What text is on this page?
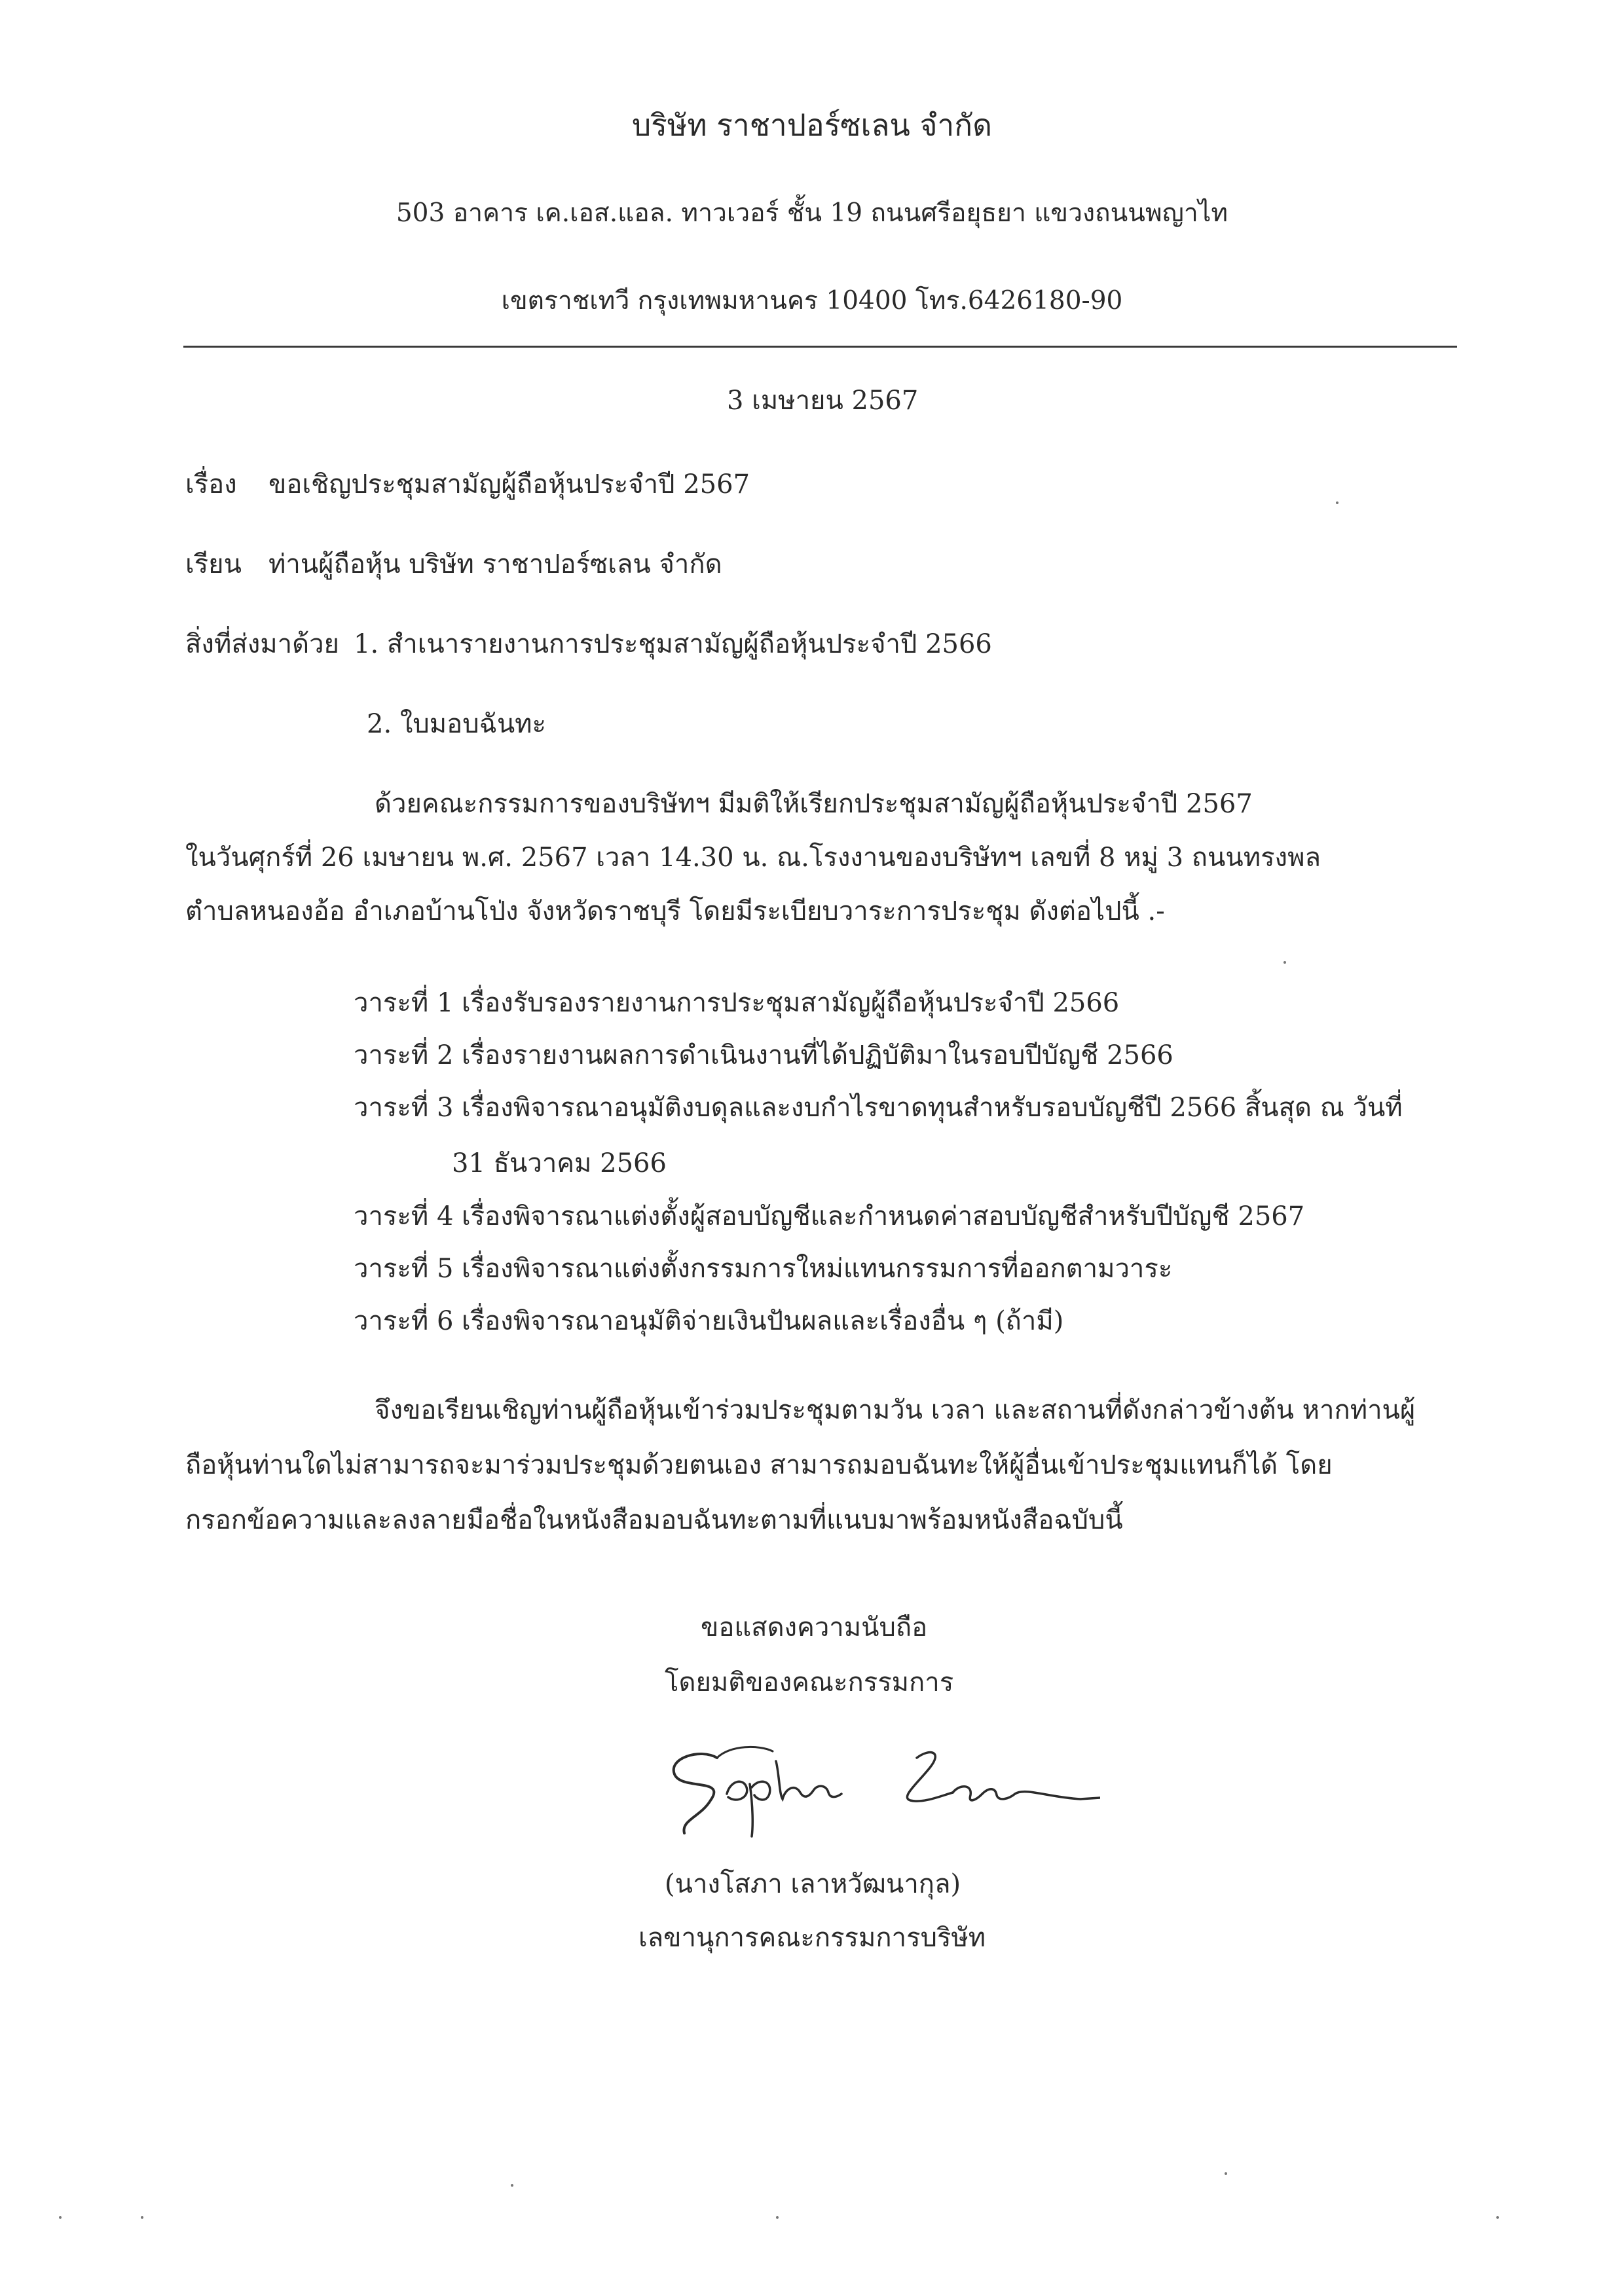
บริษัท ราชาปอร์ซเลน จำกัด
503 อาคาร เค.เอส.แอล. ทาวเวอร์ ชั้น 19 ถนนศรีอยุธยา แขวงถนนพญาไท
เขตราชเทวี กรุงเทพมหานคร 10400 โทร.6426180-90
3 เมษายน 2567
เรื่อง ขอเชิญประชุมสามัญผู้ถือหุ้นประจำปี 2567
เรียน ท่านผู้ถือหุ้น บริษัท ราชาปอร์ซเลน จำกัด
สิ่งที่ส่งมาด้วย 1. สำเนารายงานการประชุมสามัญผู้ถือหุ้นประจำปี 2566
2. ใบมอบฉันทะ
ด้วยคณะกรรมการของบริษัทฯ มีมติให้เรียกประชุมสามัญผู้ถือหุ้นประจำปี 2567
ในวันศุกร์ที่ 26 เมษายน พ.ศ. 2567 เวลา 14.30 น. ณ.โรงงานของบริษัทฯ เลขที่ 8 หมู่ 3 ถนนทรงพล
ตำบลหนองอ้อ อำเภอบ้านโป่ง จังหวัดราชบุรี โดยมีระเบียบวาระการประชุม ดังต่อไปนี้ .-
วาระที่ 1 เรื่องรับรองรายงานการประชุมสามัญผู้ถือหุ้นประจำปี 2566
วาระที่ 2 เรื่องรายงานผลการดำเนินงานที่ได้ปฏิบัติมาในรอบปีบัญชี 2566
วาระที่ 3 เรื่องพิจารณาอนุมัติงบดุลและงบกำไรขาดทุนสำหรับรอบบัญชีปี 2566 สิ้นสุด ณ วันที่
31 ธันวาคม 2566
วาระที่ 4 เรื่องพิจารณาแต่งตั้งผู้สอบบัญชีและกำหนดค่าสอบบัญชีสำหรับปีบัญชี 2567
วาระที่ 5 เรื่องพิจารณาแต่งตั้งกรรมการใหม่แทนกรรมการที่ออกตามวาระ
วาระที่ 6 เรื่องพิจารณาอนุมัติจ่ายเงินปันผลและเรื่องอื่น ๆ (ถ้ามี)
จึงขอเรียนเชิญท่านผู้ถือหุ้นเข้าร่วมประชุมตามวัน เวลา และสถานที่ดังกล่าวข้างต้น หากท่านผู้
ถือหุ้นท่านใดไม่สามารถจะมาร่วมประชุมด้วยตนเอง สามารถมอบฉันทะให้ผู้อื่นเข้าประชุมแทนก็ได้ โดย
กรอกข้อความและลงลายมือชื่อในหนังสือมอบฉันทะตามที่แนบมาพร้อมหนังสือฉบับนี้
ขอแสดงความนับถือ
โดยมติของคณะกรรมการ
(นางโสภา เลาหวัฒนากุล)
เลขานุการคณะกรรมการบริษัท
